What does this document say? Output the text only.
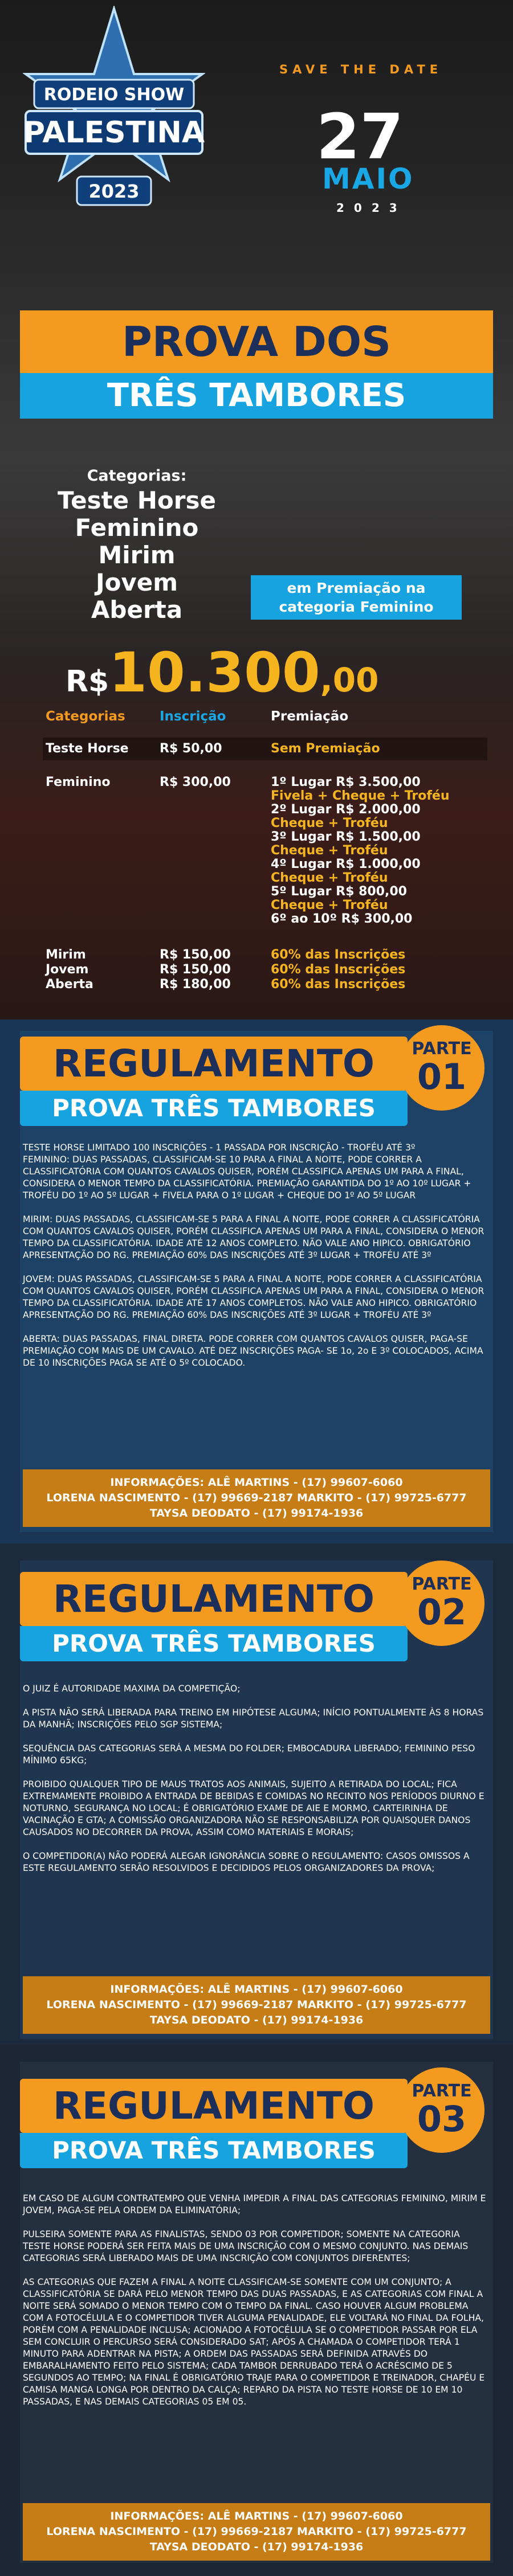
RODEIO SHOW
PALESTINA
2023
SAVE THE DATE
27
MAIO
2023
PROVA DOS
TRÊS TAMBORES
Categorias:
Teste Horse
Feminino
Mirim
Jovem
Aberta
em Premiação na categoria Feminino
R$10.300,00
Categorias	Inscrição	Premiação
Teste Horse R$ 50,00	Sem Premiação
Feminino	R$ 300,00	1º Lugar R$ 3.500,00
Fivela + Cheque + Troféu
2º Lugar R$ 2.000,00
Cheque + Troféu
3º Lugar R$ 1.500,00
Cheque + Troféu
4º Lugar R$ 1.000,00
Cheque + Troféu
5º Lugar R$ 800,00
Cheque + Troféu
6º ao 10º R$ 300,00
Mirim	R$ 150,00	60% das Inscrições
Jovem	R$ 150,00	60% das Inscrições
Aberta	R$ 180,00	60% das Inscrições
REGULAMENTO
PROVA TRÊS TAMBORES
PARTE
01

TESTE HORSE LIMITADO 100 INSCRIÇÕES - 1 PASSADA POR INSCRIÇÃO - TROFÉU ATÉ 3º

FEMININO: DUAS PASSADAS, CLASSIFICAM-SE 10 PARA A FINAL A NOITE, PODE CORRER A CLASSIFICATÓRIA COM QUANTOS CAVALOS QUISER, PORÉM CLASSIFICA APENAS UM PARA A FINAL, CONSIDERA O MENOR TEMPO DA CLASSIFICATÓRIA. PREMIAÇÃO GARANTIDA DO 1º AO 10º LUGAR + TROFÉU DO 1º AO 5º LUGAR + FIVELA PARA O 1º LUGAR + CHEQUE DO 1º AO 5º LUGAR

MIRIM: DUAS PASSADAS, CLASSIFICAM-SE 5 PARA A FINAL A NOITE, PODE CORRER A CLASSIFICATÓRIA COM QUANTOS CAVALOS QUISER, PORÉM CLASSIFICA APENAS UM PARA A FINAL, CONSIDERA O MENOR TEMPO DA CLASSIFICATÓRIA. IDADE ATÉ 12 ANOS COMPLETO. NÃO VALE ANO HIPICO. OBRIGATÓRIO APRESENTAÇÃO DO RG. PREMIAÇÃO 60% DAS INSCRIÇÕES ATÉ 3º LUGAR + TROFÉU ATÉ 3º

JOVEM: DUAS PASSADAS, CLASSIFICAM-SE 5 PARA A FINAL A NOITE, PODE CORRER A CLASSIFICATÓRIA COM QUANTOS CAVALOS QUISER, PORÉM CLASSIFICA APENAS UM PARA A FINAL, CONSIDERA O MENOR TEMPO DA CLASSIFICATÓRIA. IDADE ATÉ 17 ANOS COMPLETOS. NÃO VALE ANO HIPICO. OBRIGATÓRIO APRESENTAÇÃO DO RG. PREMIAÇÃO 60% DAS INSCRIÇÕES ATÉ 3º LUGAR + TROFÉU ATÉ 3º

ABERTA: DUAS PASSADAS, FINAL DIRETA. PODE CORRER COM QUANTOS CAVALOS QUISER, PAGA-SE PREMIAÇÃO COM MAIS DE UM CAVALO. ATÉ DEZ INSCRIÇÕES PAGA- SE 1o, 2o E 3º COLOCADOS, ACIMA DE 10 INSCRIÇÕES PAGA SE ATÉ O 5º COLOCADO.

INFORMAÇÕES: ALÊ MARTINS - (17) 99607-6060
LORENA NASCIMENTO - (17) 99669-2187 MARKITO - (17) 99725-6777
TAYSA DEODATO - (17) 99174-1936
REGULAMENTO
PROVA TRÊS TAMBORES
PARTE
02

O JUIZ É AUTORIDADE MAXIMA DA COMPETIÇÃO;

A PISTA NÃO SERÁ LIBERADA PARA TREINO EM HIPÓTESE ALGUMA; INÍCIO PONTUALMENTE ÀS 8 HORAS DA MANHÃ; INSCRIÇÕES PELO SGP SISTEMA;

SEQUÊNCIA DAS CATEGORIAS SERÁ A MESMA DO FOLDER; EMBOCADURA LIBERADO; FEMININO PESO MÍNIMO 65KG;

PROIBIDO QUALQUER TIPO DE MAUS TRATOS AOS ANIMAIS, SUJEITO A RETIRADA DO LOCAL; FICA EXTREMAMENTE PROIBIDO A ENTRADA DE BEBIDAS E COMIDAS NO RECINTO NOS PERÍODOS DIURNO E NOTURNO, SEGURANÇA NO LOCAL; É OBRIGATÓRIO EXAME DE AIE E MORMO, CARTEIRINHA DE VACINAÇÃO E GTA; A COMISSÃO ORGANIZADORA NÃO SE RESPONSABILIZA POR QUAISQUER DANOS CAUSADOS NO DECORRER DA PROVA, ASSIM COMO MATERIAIS E MORAIS;

O COMPETIDOR(A) NÃO PODERÁ ALEGAR IGNORÂNCIA SOBRE O REGULAMENTO: CASOS OMISSOS A ESTE REGULAMENTO SERÃO RESOLVIDOS E DECIDIDOS PELOS ORGANIZADORES DA PROVA;

INFORMAÇÕES: ALÊ MARTINS - (17) 99607-6060
LORENA NASCIMENTO - (17) 99669-2187 MARKITO - (17) 99725-6777
TAYSA DEODATO - (17) 99174-1936
REGULAMENTO
PROVA TRÊS TAMBORES
PARTE
03

EM CASO DE ALGUM CONTRATEMPO QUE VENHA IMPEDIR A FINAL DAS CATEGORIAS FEMININO, MIRIM E JOVEM, PAGA-SE PELA ORDEM DA ELIMINATÓRIA;

PULSEIRA SOMENTE PARA AS FINALISTAS, SENDO 03 POR COMPETIDOR; SOMENTE NA CATEGORIA TESTE HORSE PODERÁ SER FEITA MAIS DE UMA INSCRIÇÃO COM O MESMO CONJUNTO. NAS DEMAIS CATEGORIAS SERÁ LIBERADO MAIS DE UMA INSCRIÇÃO COM CONJUNTOS DIFERENTES;

AS CATEGORIAS QUE FAZEM A FINAL A NOITE CLASSIFICAM-SE SOMENTE COM UM CONJUNTO; A CLASSIFICATÓRIA SE DARÁ PELO MENOR TEMPO DAS DUAS PASSADAS, E AS CATEGORIAS COM FINAL A NOITE SERÁ SOMADO O MENOR TEMPO COM O TEMPO DA FINAL. CASO HOUVER ALGUM PROBLEMA COM A FOTOCÉLULA E O COMPETIDOR TIVER ALGUMA PENALIDADE, ELE VOLTARÁ NO FINAL DA FOLHA, PORÉM COM A PENALIDADE INCLUSA; ACIONADO A FOTOCÉLULA SE O COMPETIDOR PASSAR POR ELA SEM CONCLUIR O PERCURSO SERÁ CONSIDERADO SAT; APÓS A CHAMADA O COMPETIDOR TERÁ 1 MINUTO PARA ADENTRAR NA PISTA; A ORDEM DAS PASSADAS SERÁ DEFINIDA ATRAVÉS DO EMBARALHAMENTO FEITO PELO SISTEMA; CADA TAMBOR DERRUBADO TERÁ O ACRÉSCIMO DE 5 SEGUNDOS AO TEMPO; NA FINAL É OBRIGATÓRIO TRAJE PARA O COMPETIDOR E TREINADOR, CHAPÉU E CAMISA MANGA LONGA POR DENTRO DA CALÇA; REPARO DA PISTA NO TESTE HORSE DE 10 EM 10 PASSADAS, E NAS DEMAIS CATEGORIAS 05 EM 05.

INFORMAÇÕES: ALÊ MARTINS - (17) 99607-6060
LORENA NASCIMENTO - (17) 99669-2187 MARKITO - (17) 99725-6777
TAYSA DEODATO - (17) 99174-1936
